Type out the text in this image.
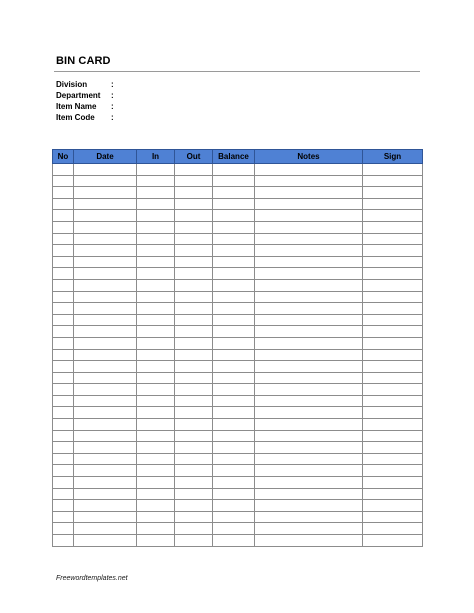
BIN CARD
Division	:
Department :
Item Name :
Item Code :
No	Date	In	Out	Balance	Notes	Sign

Freewordtemplates.net
